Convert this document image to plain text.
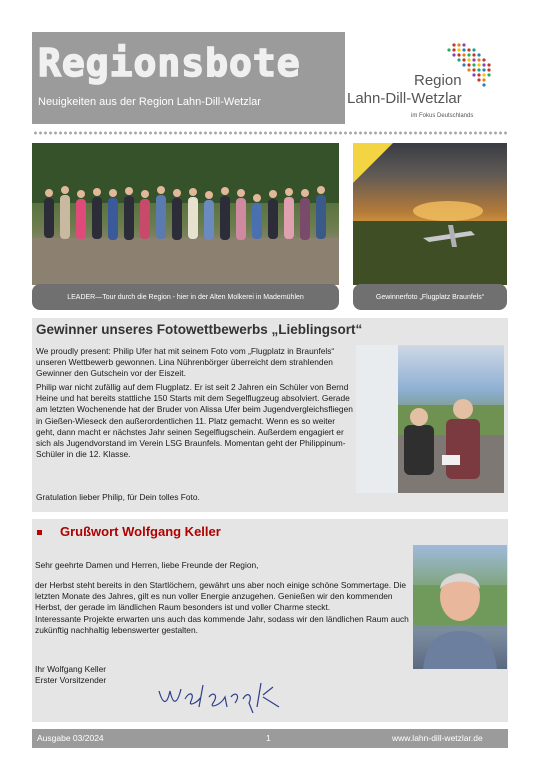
Regionsbote
Neuigkeiten aus der Region Lahn-Dill-Wetzlar
Region
Lahn-Dill-Wetzlar
im Fokus Deutschlands
LEADER—Tour durch die Region - hier in der Alten Molkerei in Mademühlen	Gewinnerfoto „Flugplatz Braunfels“
Gewinner unseres Fotowettbewerbs „Lieblingsort“
We proudly present: Philip Ufer hat mit seinem Foto vom „Flugplatz in Braunfels“ unseren Wettbewerb gewonnen. Lina Nührenbörger überreicht dem strahlenden Gewinner den Gutschein vor der Eiszeit.
Philip war nicht zufällig auf dem Flugplatz. Er ist seit 2 Jahren ein Schüler von Bernd Heine und hat bereits stattliche 150 Starts mit dem Segelflugzeug absolviert. Gerade am letzten Wochenende hat der Bruder von Alissa Ufer beim Jugendvergleichsfliegen in Gießen-Wieseck den außerordentlichen 11. Platz gemacht. Wenn es so weiter geht, dann macht er nächstes Jahr seinen Segelflugschein. Außerdem engagiert er sich als Jugendvorstand im Verein LSG Braunfels. Momentan geht der Philippinum-Schüler in die 12. Klasse.
Gratulation lieber Philip, für Dein tolles Foto.
Grußwort Wolfgang Keller
Sehr geehrte Damen und Herren, liebe Freunde der Region,
der Herbst steht bereits in den Startlöchern, gewährt uns aber noch einige schöne Sommertage. Die letzten Monate des Jahres, gilt es nun voller Energie anzugehen. Genießen wir den kommenden Herbst, der gerade im ländlichen Raum besonders ist und voller Charme steckt.
Interessante Projekte erwarten uns auch das kommende Jahr, sodass wir den ländlichen Raum auch zukünftig nachhaltig lebenswerter gestalten.
Ihr Wolfgang Keller
Erster Vorsitzender
Ausgabe 03/2024	1	www.lahn-dill-wetzlar.de
